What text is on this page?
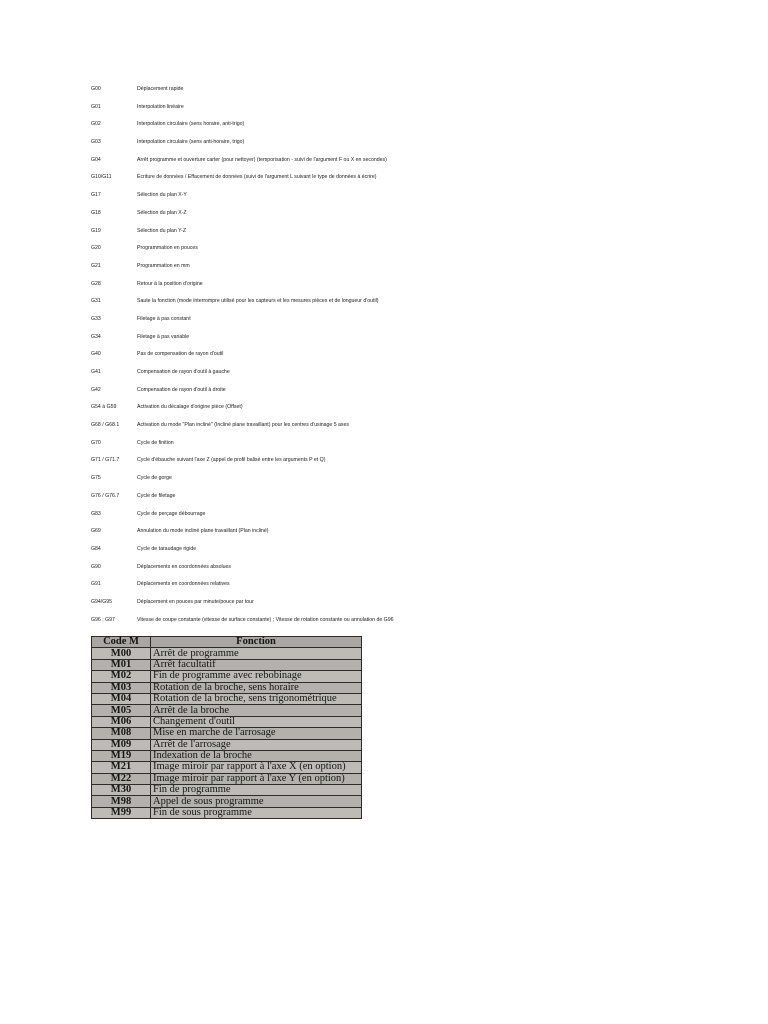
G00	Déplacement rapide
G01	Interpolation linéaire
G02	Interpolation circulaire (sens horaire, anti-trigo)
G03	Interpolation circulaire (sens anti-horaire, trigo)
G04	Arrêt programme et ouverture carter (pour nettoyer) (temporisation - suivi de l'argument F ou X en secondes)
G10/G11	Écriture de données / Effacement de données (suivi de l'argument L suivant le type de données à écrire)
G17	Sélection du plan X-Y
G18	Sélection du plan X-Z
G19	Sélection du plan Y-Z
G20	Programmation en pouces
G21	Programmation en mm
G28	Retour à la position d'origine
G31	Saute la fonction (mode interrompre utilisé pour les capteurs et les mesures pièces et de longueur d'outil)
G33	Filetage à pas constant
G34	Filetage à pas variable
G40	Pas de compensation de rayon d'outil
G41	Compensation de rayon d'outil à gauche
G42	Compensation de rayon d'outil à droite
G54 à G59	Activation du décalage d'origine pièce (Offset)
G68 / G68.1	Activation du mode "Plan incliné" (Incliné plane travaillant) pour les centres d'usinage 5 axes
G70	Cycle de finition
G71 / G71.7	Cycle d'ébauche suivant l'axe Z (appel de profil balisé entre les arguments P et Q)
G75	Cycle de gorge
G76 / G76.7	Cycle de filetage
G83	Cycle de perçage débourrage
G69	Annulation du mode incliné plane travaillant (Plan incliné)
G84	Cycle de taraudage rigide
G90	Déplacements en coordonnées absolues
G91	Déplacements en coordonnées relatives
G94/G95	Déplacement en pouces par minute/pouce par tour
G96 ; G97	Vitesse de coupe constante (vitesse de surface constante) ; Vitesse de rotation constante ou annulation de G96
Code M	Fonction
M00	Arrêt de programme
M01	Arrêt facultatif
M02	Fin de programme avec rebobinage
M03	Rotation de la broche, sens horaire
M04	Rotation de la broche, sens trigonométrique
M05	Arrêt de la broche
M06	Changement d'outil
M08	Mise en marche de l'arrosage
M09	Arrêt de l'arrosage
M19	Indexation de la broche
M21	Image miroir par rapport à l'axe X (en option)
M22	Image miroir par rapport à l'axe Y (en option)
M30	Fin de programme
M98	Appel de sous programme
M99	Fin de sous programme
